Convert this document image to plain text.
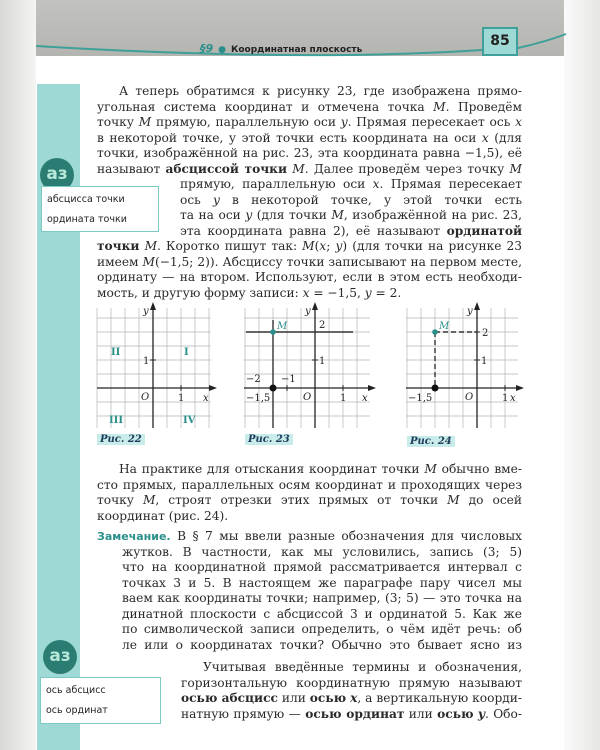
§9 ● Координатная плоскость
85
аз
абсцисса точки
ордината точки
аз
ось абсцисс
ось ординат
А теперь обратимся к рисунку 23, где изображена прямо-
угольная система координат и отмечена точка M. Проведём
точку M прямую, параллельную оси y. Прямая пересекает ось x
в некоторой точке, у этой точки есть координата на оси x (для
точки, изображённой на рис. 23, эта координата равна −1,5), её
называют абсциссой точки M. Далее проведём через точку M
прямую, параллельную оси x. Прямая пересекает
ось y в некоторой точке, у этой точки есть
та на оси y (для точки M, изображённой на рис. 23,
эта координата равна 2), её называют ординатой
точки M. Коротко пишут так: M(x; y) (для точки на рисунке 23
имеем M(−1,5; 2)). Абсциссу точки записывают на первом месте,
ординату — на втором. Используют, если в этом есть необходи-
мость, и другую форму записи: x = −1,5, y = 2.
x
y
O	1
1
I
II
III	IV
x
y
O	1
1
2
−2 −1
−1,5
M
x
y
O	1
1
2
−1,5
M
Рис. 22	Рис. 23	Рис. 24
На практике для отыскания координат точки M обычно вме-
сто прямых, параллельных осям координат и проходящих через
точку M, строят отрезки этих прямых от точки M до осей
координат (рис. 24).
Замечание. В § 7 мы ввели разные обозначения для числовых
жутков. В частности, как мы условились, запись (3; 5)
что на координатной прямой рассматривается интервал с
точках 3 и 5. В настоящем же параграфе пару чисел мы
ваем как координаты точки; например, (3; 5) — это точка на
динатной плоскости с абсциссой 3 и ординатой 5. Как же
по символической записи определить, о чём идёт речь: об
ле или о координатах точки? Обычно это бывает ясно из
Учитывая введённые термины и обозначения,
горизонтальную координатную прямую называют
осью абсцисс или осью x, а вертикальную коорди-
натную прямую — осью ординат или осью y. Обо-
